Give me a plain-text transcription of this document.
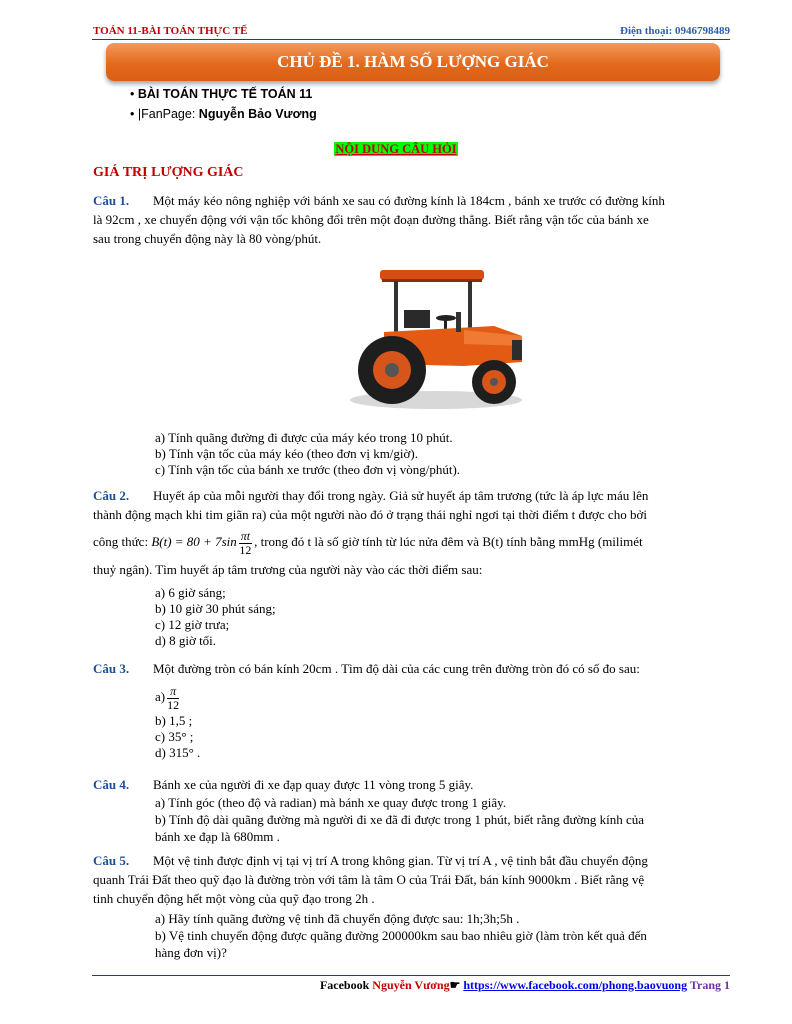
TOÁN 11-BÀI TOÁN THỰC TẾ	Điện thoại: 0946798489
CHỦ ĐỀ 1. HÀM SỐ LƯỢNG GIÁC
• BÀI TOÁN THỰC TẾ TOÁN 11
• |FanPage: Nguyễn Bảo Vương
NỘI DUNG CÂU HỎI
GIÁ TRỊ LƯỢNG GIÁC
Câu 1. Một máy kéo nông nghiệp với bánh xe sau có đường kính là 184cm , bánh xe trước có đường kính
là 92cm , xe chuyển động với vận tốc không đổi trên một đoạn đường thẳng. Biết rằng vận tốc của bánh xe
sau trong chuyển động này là 80 vòng/phút.
a) Tính quãng đường đi được của máy kéo trong 10 phút.
b) Tính vận tốc của máy kéo (theo đơn vị km/giờ).
c) Tính vận tốc của bánh xe trước (theo đơn vị vòng/phút).
Câu 2. Huyết áp của mỗi người thay đổi trong ngày. Giả sử huyết áp tâm trương (tức là áp lực máu lên
thành động mạch khi tim giãn ra) của một người nào đó ở trạng thái nghỉ ngơi tại thời điểm t được cho bởi
công thức: $B(t) = 80 + 7\sin \frac{\pi t}{12}$ , trong đó t là số giờ tính từ lúc nửa đêm và B(t) tính bằng mmHg (milimét
thuỷ ngân). Tìm huyết áp tâm trương của người này vào các thời điểm sau:
a) 6 giờ sáng;
b) 10 giờ 30 phút sáng;
c) 12 giờ trưa;
d) 8 giờ tối.
Câu 3. Một đường tròn có bán kính 20cm . Tìm độ dài của các cung trên đường tròn đó có số đo sau:
$a) \frac{\pi}{12}$
b) 1,5 ;
c) 35° ;
d) 315° .
Câu 4. Bánh xe của người đi xe đạp quay được 11 vòng trong 5 giây.
a) Tính góc (theo độ và radian) mà bánh xe quay được trong 1 giây.
b) Tính độ dài quãng đường mà người đi xe đã đi được trong 1 phút, biết rằng đường kính của
bánh xe đạp là 680mm .
Câu 5. Một vệ tinh được định vị tại vị trí A trong không gian. Từ vị trí A , vệ tinh bắt đầu chuyển động
quanh Trái Đất theo quỹ đạo là đường tròn với tâm là tâm O của Trái Đất, bán kính 9000km . Biết rằng vệ
tinh chuyển động hết một vòng của quỹ đạo trong 2h .
a) Hãy tính quãng đường vệ tinh đã chuyển động được sau: 1h;3h;5h .
b) Vệ tinh chuyển động được quãng đường 200000km sau bao nhiêu giờ (làm tròn kết quả đến
hàng đơn vị)?
Facebook Nguyễn Vương☛ https://www.facebook.com/phong.baovuong Trang 1
